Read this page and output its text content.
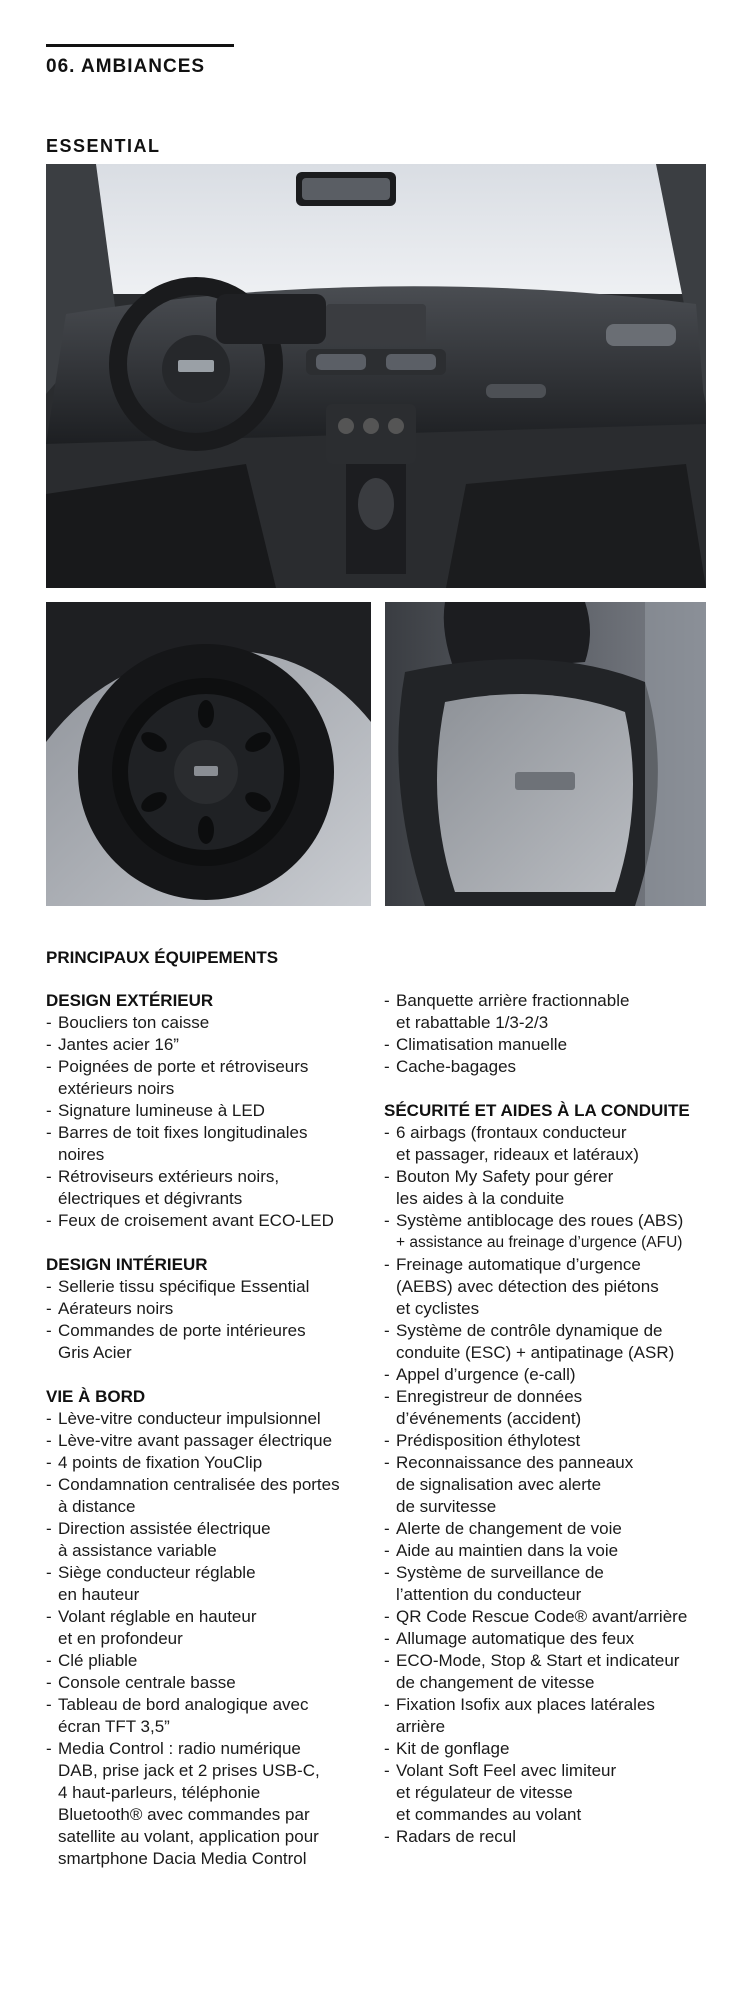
06. AMBIANCES
ESSENTIAL
PRINCIPAUX ÉQUIPEMENTS
DESIGN EXTÉRIEUR
- Boucliers ton caisse
- Jantes acier 16”
- Poignées de porte et rétroviseurs
extérieurs noirs
- Signature lumineuse à LED
- Barres de toit fixes longitudinales
noires
- Rétroviseurs extérieurs noirs,
électriques et dégivrants
- Feux de croisement avant ECO-LED
DESIGN INTÉRIEUR
- Sellerie tissu spécifique Essential
- Aérateurs noirs
- Commandes de porte intérieures
Gris Acier
VIE À BORD
- Lève-vitre conducteur impulsionnel
- Lève-vitre avant passager électrique
- 4 points de fixation YouClip
- Condamnation centralisée des portes
à distance
- Direction assistée électrique
à assistance variable
- Siège conducteur réglable
en hauteur
- Volant réglable en hauteur
et en profondeur
- Clé pliable
- Console centrale basse
- Tableau de bord analogique avec
écran TFT 3,5”
- Media Control : radio numérique
DAB, prise jack et 2 prises USB-C,
4 haut-parleurs, téléphonie
Bluetooth® avec commandes par
satellite au volant, application pour
smartphone Dacia Media Control
- Banquette arrière fractionnable
et rabattable 1/3-2/3
- Climatisation manuelle
- Cache-bagages
SÉCURITÉ ET AIDES À LA CONDUITE
- 6 airbags (frontaux conducteur
et passager, rideaux et latéraux)
- Bouton My Safety pour gérer
les aides à la conduite
- Système antiblocage des roues (ABS)
+ assistance au freinage d’urgence (AFU)
- Freinage automatique d’urgence
(AEBS) avec détection des piétons
et cyclistes
- Système de contrôle dynamique de
conduite (ESC) + antipatinage (ASR)
- Appel d’urgence (e-call)
- Enregistreur de données
d’événements (accident)
- Prédisposition éthylotest
- Reconnaissance des panneaux
de signalisation avec alerte
de survitesse
- Alerte de changement de voie
- Aide au maintien dans la voie
- Système de surveillance de
l’attention du conducteur
- QR Code Rescue Code® avant/arrière
- Allumage automatique des feux
- ECO-Mode, Stop & Start et indicateur
de changement de vitesse
- Fixation Isofix aux places latérales
arrière
- Kit de gonflage
- Volant Soft Feel avec limiteur
et régulateur de vitesse
et commandes au volant
- Radars de recul
